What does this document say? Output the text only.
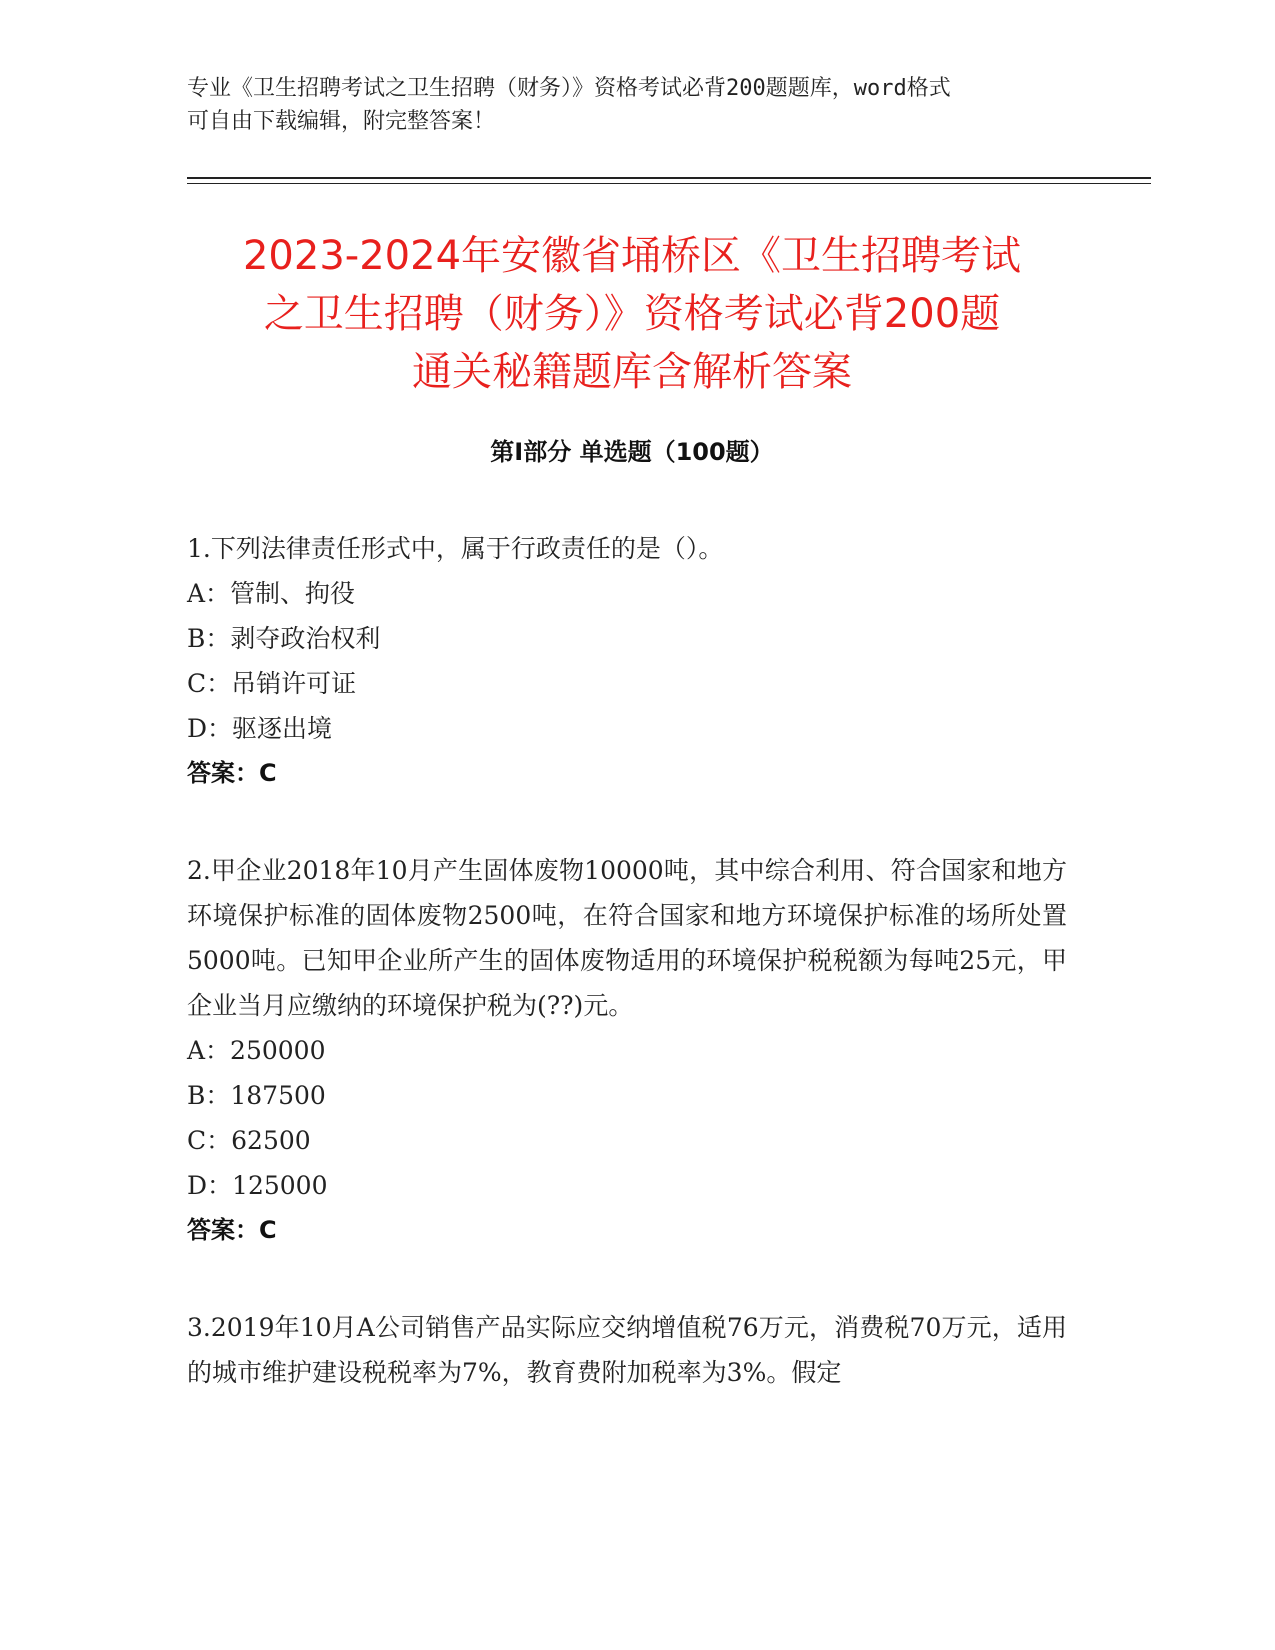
专业《卫生招聘考试之卫生招聘（财务）》资格考试必背200题题库，word格式
可自由下载编辑，附完整答案！
2023-2024年安徽省埇桥区《卫生招聘考试
之卫生招聘（财务）》资格考试必背200题
通关秘籍题库含解析答案
第Ⅰ部分 单选题（100题）

1.下列法律责任形式中，属于行政责任的是（）。

A：管制、拘役

B：剥夺政治权利

C：吊销许可证

D：驱逐出境

答案：C

2.甲企业2018年10月产生固体废物10000吨，其中综合利用、符合国家和地方环境保护标准的固体废物2500吨，在符合国家和地方环境保护标准的场所处置5000吨。已知甲企业所产生的固体废物适用的环境保护税税额为每吨25元，甲企业当月应缴纳的环境保护税为(??)元。

A：250000

B：187500

C：62500

D：125000

答案：C

3.2019年10月A公司销售产品实际应交纳增值税76万元，消费税70万元，适用的城市维护建设税税率为7%，教育费附加税率为3%。假定
